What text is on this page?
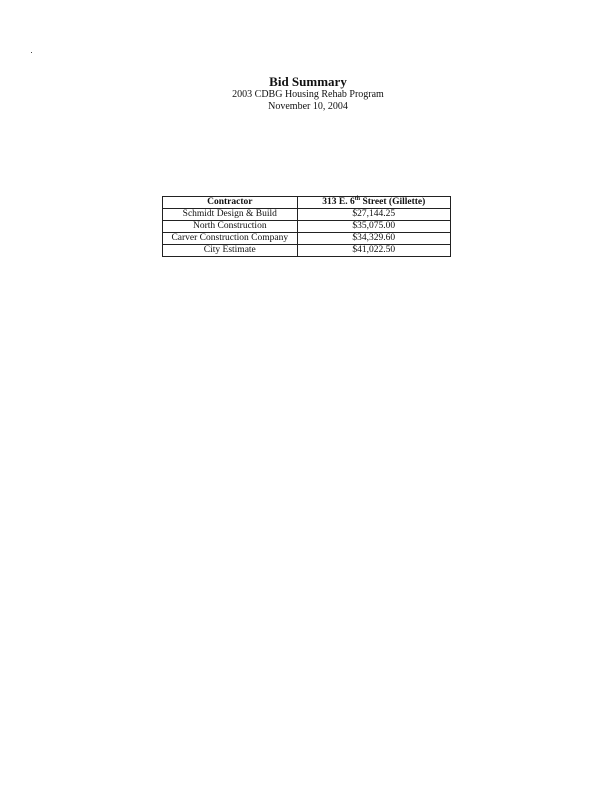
Bid Summary

2003 CDBG Housing Rehab Program

November 10, 2004

Contractor	313 E. 6th Street (Gillette)
Schmidt Design & Build	$27,144.25
North Construction	$35,075.00
Carver Construction Company	$34,329.60
City Estimate	$41,022.50
